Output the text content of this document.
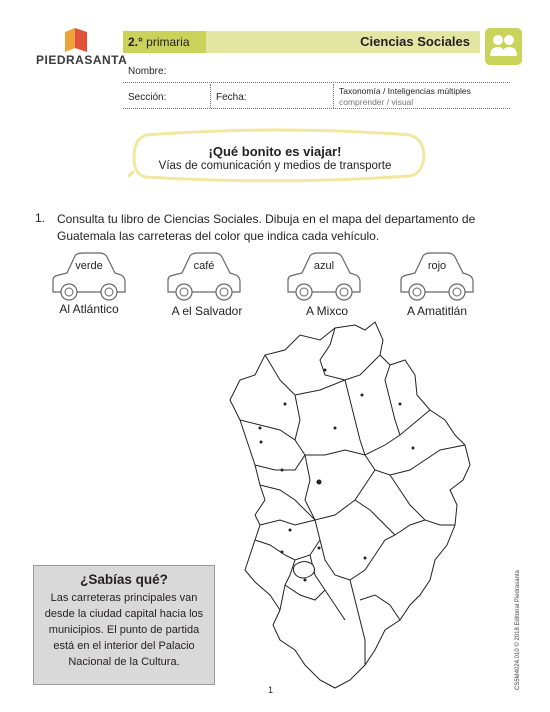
PIEDRASANTA
2.° primaria	Ciencias Sociales
Nombre:
Sección:	Fecha:
Taxonomía / Inteligencias múltiples
comprender / visual
¡Qué bonito es viajar!
Vías de comunicación y medios de transporte
1. Consulta tu libro de Ciencias Sociales. Dibuja en el mapa del departamento de Guatemala las carreteras del color que indica cada vehículo.
verde
Al Atlántico
café
A el Salvador
azul
A Mixco
rojo
A Amatitlán
¿Sabías qué?
Las carreteras principales van desde la ciudad capital hacia los municipios. El punto de partida está en el interior del Palacio Nacional de la Cultura.
1	CS5M4024.010 © 2018 Editorial Piedrasanta
